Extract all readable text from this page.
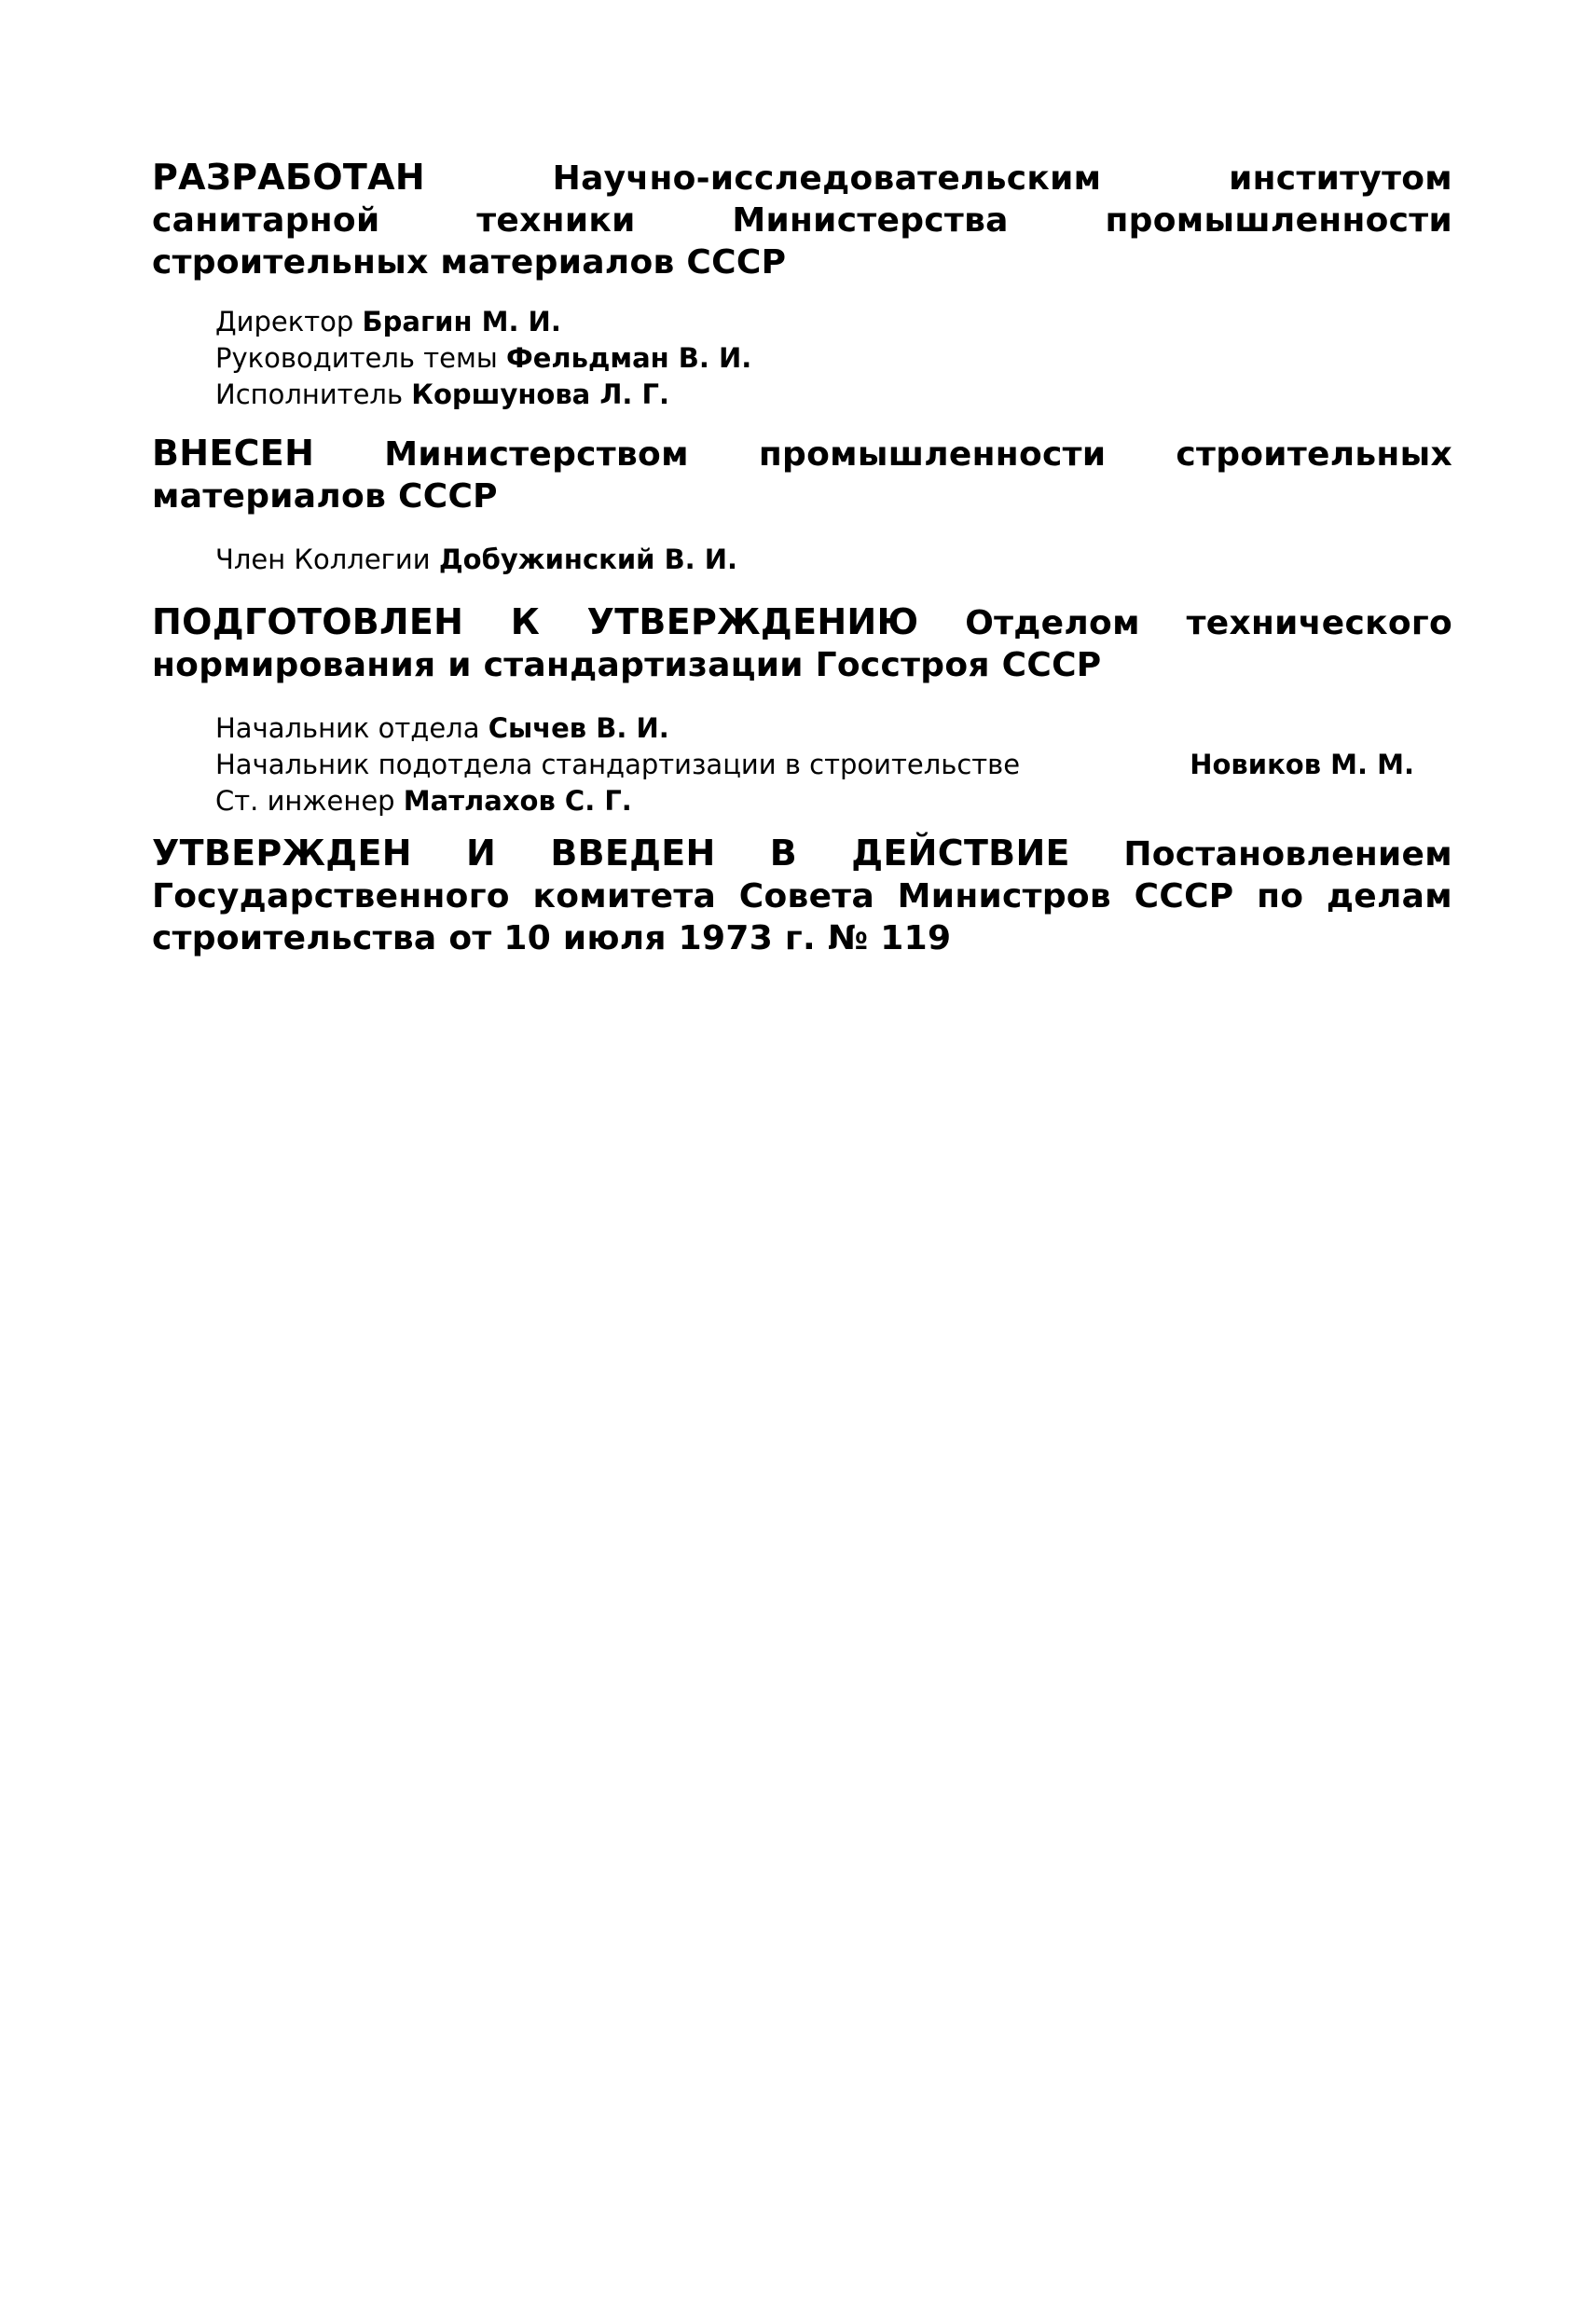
РАЗРАБОТАН	Научно-исследовательским институтом санитарной техники Министерства промышленности строительных материалов СССР

Директор Брагин М. И.
Руководитель темы Фельдман В. И.
Исполнитель Коршунова Л. Г.

ВНЕСЕН Министерством промышленности строительных материалов СССР

Член Коллегии Добужинский В. И.

ПОДГОТОВЛЕН К УТВЕРЖДЕНИЮ Отделом технического нормирования и стандартизации Госстроя СССР

Начальник отдела Сычев В. И.
Начальник подотдела стандартизации в строительстве	Новиков М. М.
Ст. инженер Матлахов С. Г.

УТВЕРЖДЕН И ВВЕДЕН В ДЕЙСТВИЕ Постановлением Государственного комитета Совета Министров СССР по делам строительства от 10 июля 1973 г. № 119
